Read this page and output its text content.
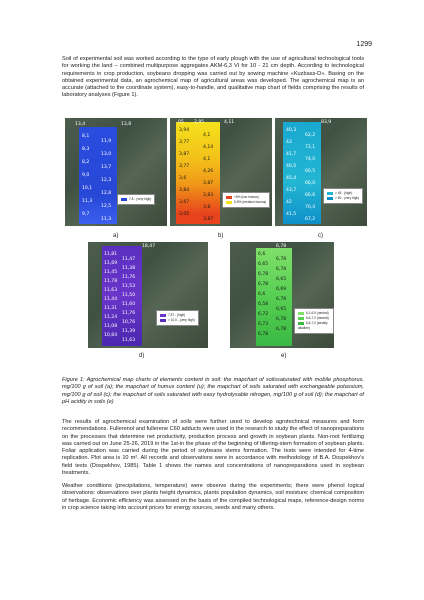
1299

Soil of experimental soil was worked according to the type of early plough with the use of agricultural technological tools for working the land – combined multipurpose aggregates AKM-6,3 VI for 10 - 21 cm depth. According to technological requirements in crop production, soybeans dropping was carried out by sowing machine «Kuzbass-D». Basing on the obtained experimental data, an agrochemical map of agricultural areas was developed. The agrochemical map is an accurate (attached to the coordinate system), easy-to-handle, and qualitative map chart of fields comprising the results of laboratory analyses (Figure 1).

13,4	13,8
8,1
11,9
8,3
13,0
8,2
13,7
9,0
12,3
10,1
12,8
11,3
12,5
9,7
11,3
7,8 - (very high)
a)
05 2,95	4,11
3,94
4,1
3,77
4,14
3,87
4,1
3,77
4,26
3,6
3,87
3,84
3,83
3,67
3,8
3,05
3,87
<5% (low humus)
5-5% (medium humus)
b)
83,9
40,3
62,2
43
72,1
41,7
74,0
40,5
66,5
45,4
66,0
43,7
66,6
42
70,4
41,5
67,2
> 45 - (high)
> 60 - (very high)
c)
18,47
11,81
11,47
11,69
11,38
11,45
11,76
11,78
11,53
11,63
11,50
11,44
11,60
11,31
11,76
11,24
10,76
11,08
11,39
10,84
11,63
7,57 - (high)
> 10,0 - (very high)
d)
6,78
6,6
6,78
6,65
6,78
6,78
6,65
6,78
6,69
6,6
6,78
6,58
6,65
6,72
6,78
6,73
6,78
6,78
6,1-6,5 (neutral)
6,6-7,0 (neutral)
6,6-7,0 (weakly alkaline)
e)

Figure 1: Agrochemical map charts of elements content in soil: the mapchart of soilssaturated with mobile phosphorus, mg/100 g of soil (a); the mapchart of humus content (u); the mapchart of soils saturated with exchangeable potassium, mg/100 g of soil (c); the mapchart of soils saturated with easy hydrolysable nitrogen, mg/100 g of soil (d); the mapchart of pH acidity in soils (e)

The results of agrochemical examination of soils were further used to develop agrotechnical measures and form recommendations. Fullerenol and fullerene C60 adducts were used in the research to study the effect of nanopreparations on the processes that determine net productivity, production process and growth in soybean plants. Non-root fertilizing was carried out on June 25-26, 2019 in the 1st-in the phase of the beginning of tillering-stem formation of soybean plants. Foliar application was carried during the period of soybeans stems formation. The tests were intended for 4-time replication. Plot area is 10 m². All records and observations were in accordance with methodology of B.A. Dospekhov's field tests (Dospekhov, 1985). Table 1 shows the names and concentrations of nanopreparations used in soybean treatments.

Weather conditions (precipitations, temperature) were observe during the experiments; there were phenol logical observations: observations over plants height dynamics, plants population dynamics, soil moisture; chemical composition of herbage. Economic efficiency was assessed on the basis of the compiled technological maps, reference-design norms in crop science taking into account prices for energy sources, seeds and many others.
